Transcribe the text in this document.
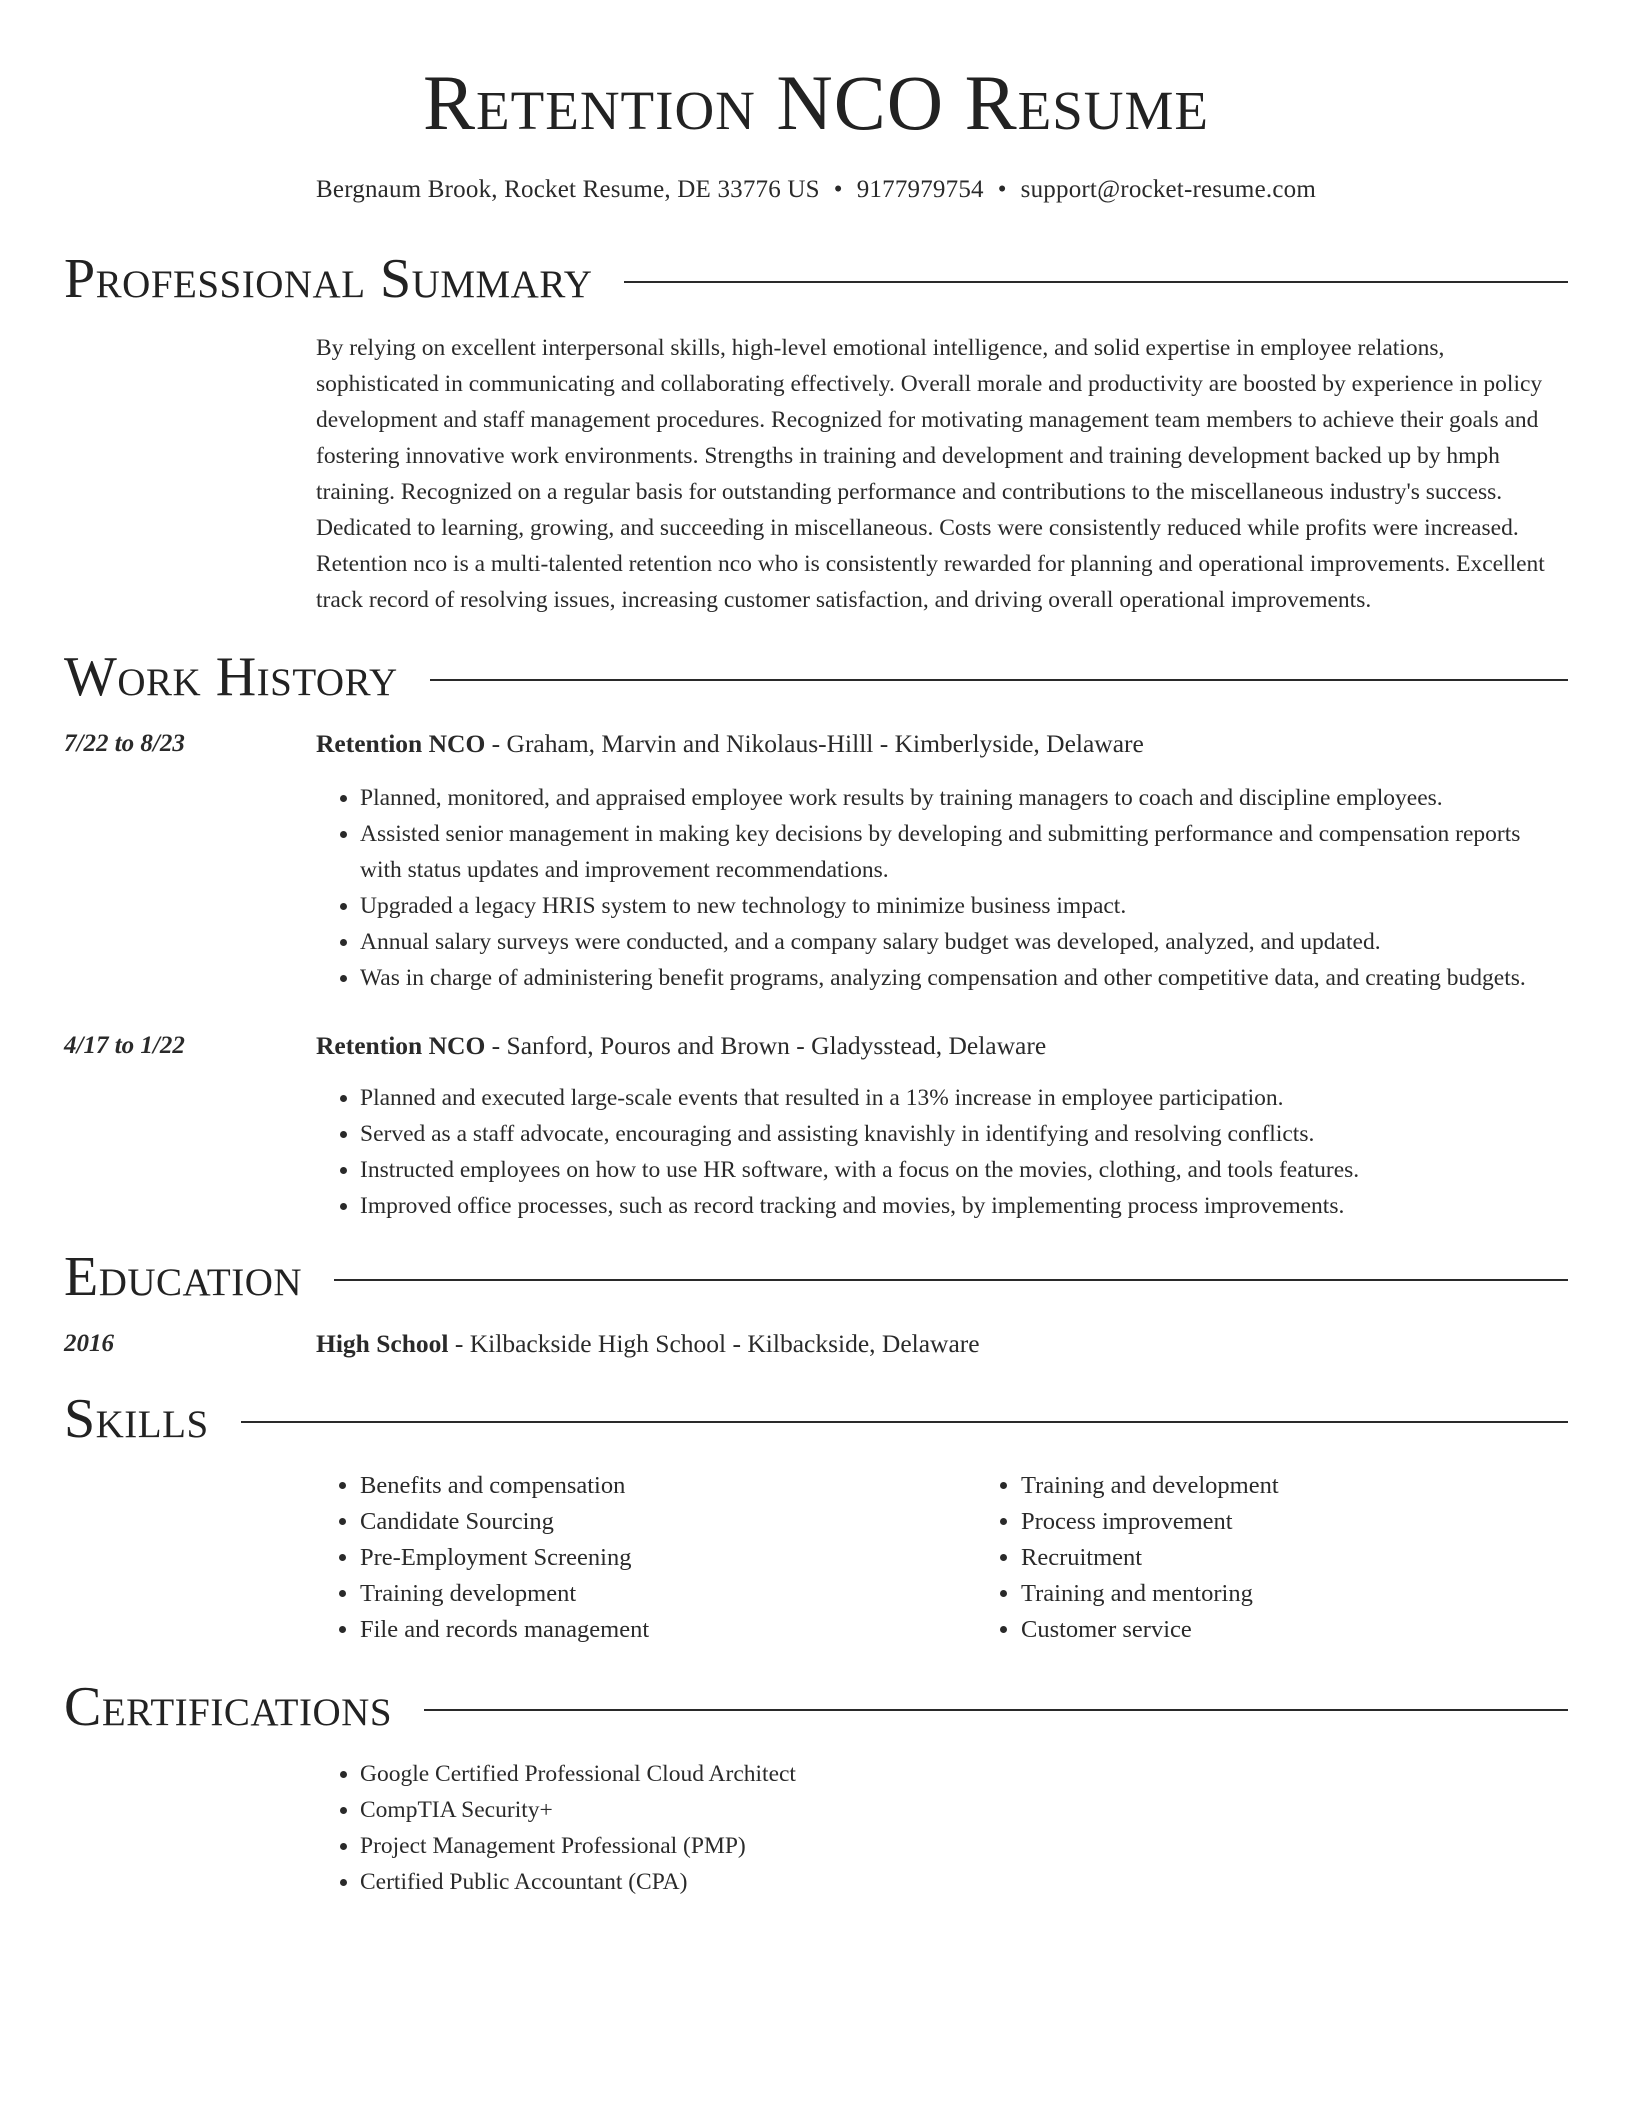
Retention NCO Resume
Bergnaum Brook, Rocket Resume, DE 33776 US • 9177979754 • support@rocket-resume.com
Professional Summary

By relying on excellent interpersonal skills, high-level emotional intelligence, and solid expertise in employee relations, sophisticated in communicating and collaborating effectively. Overall morale and productivity are boosted by experience in policy development and staff management procedures. Recognized for motivating management team members to achieve their goals and fostering innovative work environments. Strengths in training and development and training development backed up by hmph training. Recognized on a regular basis for outstanding performance and contributions to the miscellaneous industry's success. Dedicated to learning, growing, and succeeding in miscellaneous. Costs were consistently reduced while profits were increased. Retention nco is a multi-talented retention nco who is consistently rewarded for planning and operational improvements. Excellent track record of resolving issues, increasing customer satisfaction, and driving overall operational improvements.

Work History
7/22 to 8/23	Retention NCO - Graham, Marvin and Nikolaus-Hilll - Kimberlyside, Delaware
• Planned, monitored, and appraised employee work results by training managers to coach and discipline employees.
• Assisted senior management in making key decisions by developing and submitting performance and compensation reports with status updates and improvement recommendations.
• Upgraded a legacy HRIS system to new technology to minimize business impact.
• Annual salary surveys were conducted, and a company salary budget was developed, analyzed, and updated.
• Was in charge of administering benefit programs, analyzing compensation and other competitive data, and creating budgets.
4/17 to 1/22	Retention NCO - Sanford, Pouros and Brown - Gladysstead, Delaware
• Planned and executed large-scale events that resulted in a 13% increase in employee participation.
• Served as a staff advocate, encouraging and assisting knavishly in identifying and resolving conflicts.
• Instructed employees on how to use HR software, with a focus on the movies, clothing, and tools features.
• Improved office processes, such as record tracking and movies, by implementing process improvements.
Education
2016	High School - Kilbackside High School - Kilbackside, Delaware
Skills
• Benefits and compensation
• Candidate Sourcing
• Pre-Employment Screening
• Training development
• File and records management
• Training and development
• Process improvement
• Recruitment
• Training and mentoring
• Customer service
Certifications
• Google Certified Professional Cloud Architect
• CompTIA Security+
• Project Management Professional (PMP)
• Certified Public Accountant (CPA)
